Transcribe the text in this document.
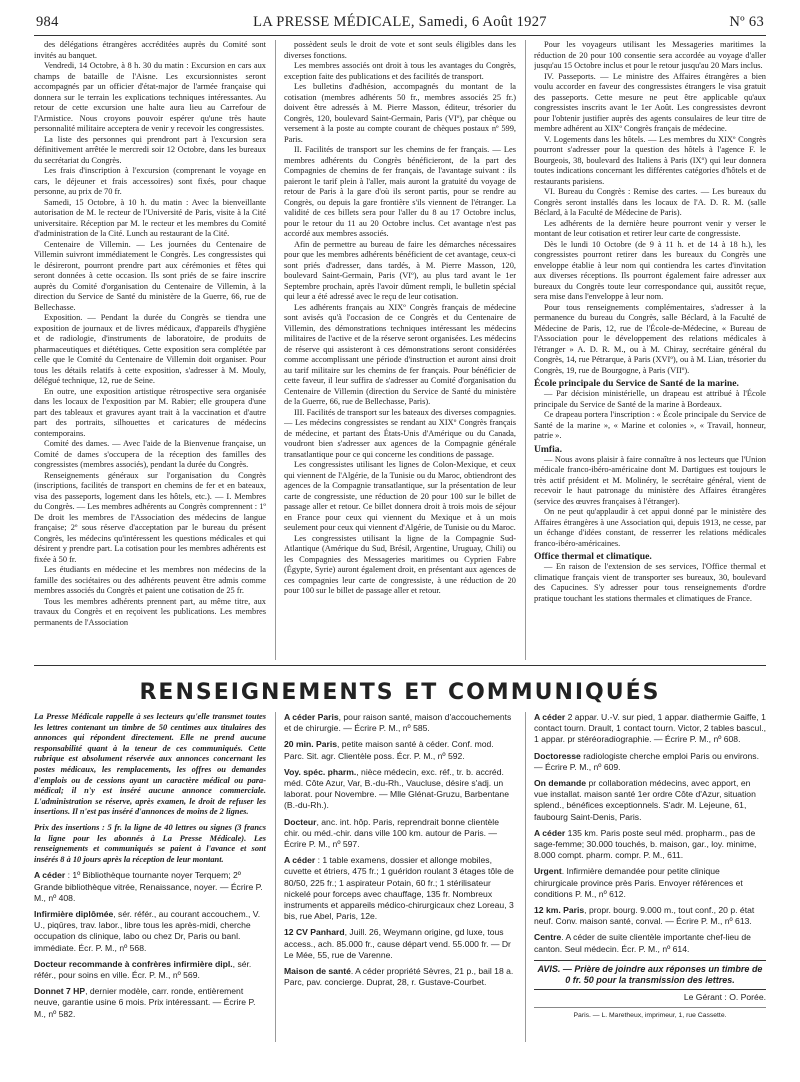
984	LA PRESSE MÉDICALE, Samedi, 6 Août 1927	Nº 63

des délégations étrangères accréditées auprès du Comité sont invités au banquet.

Vendredi, 14 Octobre, à 8 h. 30 du matin : Excursion en cars aux champs de bataille de l'Aisne. Les excursionnistes seront accompagnés par un officier d'état-major de l'armée française qui donnera sur le terrain les explications techniques intéressantes. Au retour de cette excursion une halte aura lieu au Carrefour de l'Armistice. Nous croyons pouvoir espérer qu'une très haute personnalité militaire acceptera de venir y recevoir les congressistes.

La liste des personnes qui prendront part à l'excursion sera définitivement arrêtée le mercredi soir 12 Octobre, dans les bureaux du secrétariat du Congrès.

Les frais d'inscription à l'excursion (comprenant le voyage en cars, le déjeuner et frais accessoires) sont fixés, pour chaque personne, au prix de 70 fr.

Samedi, 15 Octobre, à 10 h. du matin : Avec la bienveillante autorisation de M. le recteur de l'Université de Paris, visite à la Cité universitaire. Réception par M. le recteur et les membres du Comité d'administration de la Cité. Lunch au restaurant de la Cité.

Centenaire de Villemin. — Les journées du Centenaire de Villemin suivront immédiatement le Congrès. Les congressistes qui le désireront, pourront prendre part aux cérémonies et fêtes qui seront données à cette occasion. Ils sont priés de se faire inscrire auprès du Comité d'organisation du Centenaire de Villemin, à la direction du Service de Santé du ministère de la Guerre, 66, rue de Bellechasse.

Exposition. — Pendant la durée du Congrès se tiendra une exposition de journaux et de livres médicaux, d'appareils d'hygiène et de radiologie, d'instruments de laboratoire, de produits de pharmaceutiques et diététiques. Cette exposition sera complétée par celle que le Comité du Centenaire de Villemin doit organiser. Pour tous les détails relatifs à cette exposition, s'adresser à M. Mouly, délégué technique, 12, rue de Seine.

En outre, une exposition artistique rétrospective sera organisée dans les locaux de l'exposition par M. Rabier; elle groupera d'une part des tableaux et gravures ayant trait à la vaccination et d'autre part des portraits, silhouettes et caricatures de médecins contemporains.

Comité des dames. — Avec l'aide de la Bienvenue française, un Comité de dames s'occupera de la réception des familles des congressistes (membres associés), pendant la durée du Congrès.

Renseignements généraux sur l'organisation du Congrès (inscriptions, facilités de transport en chemins de fer et en bateaux, visa des passeports, logement dans les hôtels, etc.). — I. Membres du Congrès. — Les membres adhérents au Congrès comprennent : 1º De droit les membres de l'Association des médecins de langue française; 2º sous réserve d'acceptation par le bureau du présent Congrès, les médecins qu'intéressent les questions médicales et qui désirent y prendre part. La cotisation pour les membres adhérents est fixée à 50 fr.

Les étudiants en médecine et les membres non médecins de la famille des sociétaires ou des adhérents peuvent être admis comme membres associés du Congrès et paient une cotisation de 25 fr.

Tous les membres adhérents prennent part, au même titre, aux travaux du Congrès et en reçoivent les publications. Les membres permanents de l'Association

possèdent seuls le droit de vote et sont seuls éligibles dans les diverses fonctions.

Les membres associés ont droit à tous les avantages du Congrès, exception faite des publications et des facilités de transport.

Les bulletins d'adhésion, accompagnés du montant de la cotisation (membres adhérents 50 fr., membres associés 25 fr.) doivent être adressés à M. Pierre Masson, éditeur, trésorier du Congrès, 120, boulevard Saint-Germain, Paris (VIº), par chèque ou versement à la poste au compte courant de chèques postaux nº 599, Paris.

II. Facilités de transport sur les chemins de fer français. — Les membres adhérents du Congrès bénéficieront, de la part des Compagnies de chemins de fer français, de l'avantage suivant : ils paieront le tarif plein à l'aller, mais auront la gratuité du voyage de retour de Paris à la gare d'où ils seront partis, pour se rendre au Congrès, ou depuis la gare frontière s'ils viennent de l'étranger. La validité de ces billets sera pour l'aller du 8 au 17 Octobre inclus, pour le retour du 11 au 20 Octobre inclus. Cet avantage n'est pas accordé aux membres associés.

Afin de permettre au bureau de faire les démarches nécessaires pour que les membres adhérents bénéficient de cet avantage, ceux-ci sont priés d'adresser, dans tardés, à M. Pierre Masson, 120, boulevard Saint-Germain, Paris (VIº), au plus tard avant le 1er Septembre prochain, après l'avoir dûment rempli, le bulletin spécial qui leur a été adressé avec le reçu de leur cotisation.

Les adhérents français au XIXº Congrès français de médecine sont avisés qu'à l'occasion de ce Congrès et du Centenaire de Villemin, des démonstrations techniques intéressant les médecins militaires de l'active et de la réserve seront organisées. Les médecins de réserve qui assisteront à ces démonstrations seront considérées comme accomplissant une période d'instruction et auront ainsi droit au tarif militaire sur les chemins de fer français. Pour bénéficier de cette faveur, il leur suffira de s'adresser au Comité d'organisation du Centenaire de Villemin (direction du Service de Santé du ministère de la Guerre, 66, rue de Bellechasse, Paris).

III. Facilités de transport sur les bateaux des diverses compagnies. — Les médecins congressistes se rendant au XIXº Congrès français de médecine, et partant des États-Unis d'Amérique ou du Canada, voudront bien s'adresser aux agences de la Compagnie générale transatlantique pour ce qui concerne les conditions de passage.

Les congressistes utilisant les lignes de Colon-Mexique, et ceux qui viennent de l'Algérie, de la Tunisie ou du Maroc, obtiendront des agences de la Compagnie transatlantique, sur la présentation de leur carte de congressiste, une réduction de 20 pour 100 sur le billet de passage aller et retour. Ce billet donnera droit à trois mois de séjour en France pour ceux qui viennent du Mexique et à un mois seulement pour ceux qui viennent d'Algérie, de Tunisie ou du Maroc.

Les congressistes utilisant la ligne de la Compagnie Sud-Atlantique (Amérique du Sud, Brésil, Argentine, Uruguay, Chili) ou les Compagnies des Messageries maritimes ou Cyprien Fabre (Égypte, Syrie) auront également droit, en présentant aux agences de ces compagnies leur carte de congressiste, à une réduction de 20 pour 100 sur le billet de passage aller et retour.

Pour les voyageurs utilisant les Messageries maritimes la réduction de 20 pour 100 consentie sera accordée au voyage d'aller jusqu'au 15 Octobre inclus et pour le retour jusqu'au 20 Mars inclus.

IV. Passeports. — Le ministre des Affaires étrangères a bien voulu accorder en faveur des congressistes étrangers le visa gratuit des passeports. Cette mesure ne peut être applicable qu'aux congressistes inscrits avant le 1er Août. Les congressistes devront pour l'obtenir justifier auprès des agents consulaires de leur titre de membre adhérent au XIXº Congrès français de médecine.

V. Logements dans les hôtels. — Les membres du XIXº Congrès pourront s'adresser pour la question des hôtels à l'agence F. le Bourgeois, 38, boulevard des Italiens à Paris (IXº) qui leur donnera toutes indications concernant les différentes catégories d'hôtels et de restaurants parisiens.

VI. Bureau du Congrès : Remise des cartes. — Les bureaux du Congrès seront installés dans les locaux de l'A. D. R. M. (salle Béclard, à la Faculté de Médecine de Paris).

Les adhérents de la dernière heure pourront venir y verser le montant de leur cotisation et retirer leur carte de congressiste.

Dès le lundi 10 Octobre (de 9 à 11 h. et de 14 à 18 h.), les congressistes pourront retirer dans les bureaux du Congrès une enveloppe établie à leur nom qui contiendra les cartes d'invitation aux diverses réceptions. Ils pourront également faire adresser aux bureaux du Congrès toute leur correspondance qui, aussitôt reçue, sera mise dans l'enveloppe à leur nom.

Pour tous renseignements complémentaires, s'adresser à la permanence du bureau du Congrès, salle Béclard, à la Faculté de Médecine de Paris, 12, rue de l'École-de-Médecine, « Bureau de l'Association pour le développement des relations médicales à l'étranger » A. D. R. M., ou à M. Chiray, secrétaire général du Congrès, 14, rue Pétrarque, à Paris (XVIº), ou à M. Lian, trésorier du Congrès, 19, rue de Bourgogne, à Paris (VIIº).

École principale du Service de Santé de la marine.

— Par décision ministérielle, un drapeau est attribué à l'École principale du Service de Santé de la marine à Bordeaux.

Ce drapeau portera l'inscription : « École principale du Service de Santé de la marine », « Marine et colonies », « Travail, honneur, patrie ».

Umfia.

— Nous avons plaisir à faire connaître à nos lecteurs que l'Union médicale franco-ibéro-américaine dont M. Dartigues est toujours le très actif président et M. Molinéry, le secrétaire général, vient de recevoir le haut patronage du ministère des Affaires étrangères (service des œuvres françaises à l'étranger).

On ne peut qu'applaudir à cet appui donné par le ministère des Affaires étrangères à une Association qui, depuis 1913, ne cesse, par un échange d'idées constant, de resserrer les relations médicales franco-ibéro-américaines.

Office thermal et climatique.

— En raison de l'extension de ses services, l'Office thermal et climatique français vient de transporter ses bureaux, 30, boulevard des Capucines. S'y adresser pour tous renseignements d'ordre pratique touchant les stations thermales et climatiques de France.

RENSEIGNEMENTS ET COMMUNIQUÉS

La Presse Médicale rappelle à ses lecteurs qu'elle transmet toutes les lettres contenant un timbre de 50 centimes aux titulaires des annonces qui répondent directement. Elle ne prend aucune responsabilité quant à la teneur de ces communiqués. Cette rubrique est absolument réservée aux annonces concernant les postes médicaux, les remplacements, les offres ou demandes d'emplois ou de cessions ayant un caractère médical ou para-médical; il n'y est inséré aucune annonce commerciale. L'administration se réserve, après examen, le droit de refuser les insertions. Il n'est pas inséré d'annonces de moins de 2 lignes.

Prix des insertions : 5 fr. la ligne de 40 lettres ou signes (3 francs la ligne pour les abonnés à La Presse Médicale). Les renseignements et communiqués se paient à l'avance et sont insérés 8 à 10 jours après la réception de leur montant.

A céder : 1º Bibliothèque tournante noyer Terquem; 2º Grande bibliothèque vitrée, Renaissance, noyer. — Écrire P. M., nº 408.

Infirmière diplômée, sér. référ., au courant accouchem., V. U., piqûres, trav. labor., libre tous les après-midi, cherche occupation ds clinique, labo ou chez Dr, Paris ou banl. immédiate. Écr. P. M., nº 568.

Docteur recommande à confrères infirmière dipl., sér. référ., pour soins en ville. Écr. P. M., nº 569.

Donnet 7 HP, dernier modèle, carr. ronde, entièrement neuve, garantie usine 6 mois. Prix intéressant. — Écrire P. M., nº 582.

A céder Paris, pour raison santé, maison d'accouchements et de chirurgie. — Écrire P. M., nº 585.

20 min. Paris, petite maison santé à céder. Conf. mod. Parc. Sit. agr. Clientèle poss. Écr. P. M., nº 592.

Voy. spéc. pharm., nièce médecin, exc. réf., tr. b. accréd. méd. Côte Azur, Var, B.-du-Rh., Vaucluse, désire s'adj. un laborat. pour Novembre. — Mlle Glénat-Gruzu, Barbentane (B.-du-Rh.).

Docteur, anc. int. hôp. Paris, reprendrait bonne clientèle chir. ou méd.-chir. dans ville 100 km. autour de Paris. — Écrire P. M., nº 597.

A céder : 1 table examens, dossier et allonge mobiles, cuvette et étriers, 475 fr.; 1 guéridon roulant 3 étages tôle de 80/50, 225 fr.; 1 aspirateur Potain, 60 fr.; 1 stérilisateur nickelé pour forceps avec chauffage, 135 fr. Nombreux instruments et appareils médico-chirurgicaux chez Loreau, 3 bis, rue Abel, Paris, 12e.

12 CV Panhard, Juill. 26, Weymann origine, gd luxe, tous access., ach. 85.000 fr., cause départ vend. 55.000 fr. — Dr Le Mée, 55, rue de Varenne.

Maison de santé. A céder propriété Sèvres, 21 p., bail 18 a. Parc, pav. concierge. Duprat, 28, r. Gustave-Courbet.

A céder 2 appar. U.-V. sur pied, 1 appar. diathermie Gaiffe, 1 contact tourn. Drault, 1 contact tourn. Victor, 2 tables bascul., 1 appar. pr stéréoradiographie. — Écrire P. M., nº 608.

Doctoresse radiologiste cherche emploi Paris ou environs. — Écrire P. M., nº 609.

On demande pr collaboration médecins, avec apport, en vue installat. maison santé 1er ordre Côte d'Azur, situation splend., bénéfices exceptionnels. S'adr. M. Lejeune, 61, faubourg Saint-Denis, Paris.

A céder 135 km. Paris poste seul méd. propharm., pas de sage-femme; 30.000 touchés, b. maison, gar., loy. minime, 8.000 compt. pharm. compr. P. M., 611.

Urgent. Infirmière demandée pour petite clinique chirurgicale province près Paris. Envoyer références et conditions P. M., nº 612.

12 km. Paris, propr. bourg. 9.000 m., tout conf., 20 p. état neuf. Conv. maison santé, conval. — Écrire P. M., nº 613.

Centre. A céder de suite clientèle importante chef-lieu de canton. Seul médecin. Écr. P. M., nº 614.

AVIS. — Prière de joindre aux réponses un timbre de 0 fr. 50 pour la transmission des lettres.
Le Gérant : O. Porée.
Paris. — L. Maretheux, imprimeur, 1, rue Cassette.
